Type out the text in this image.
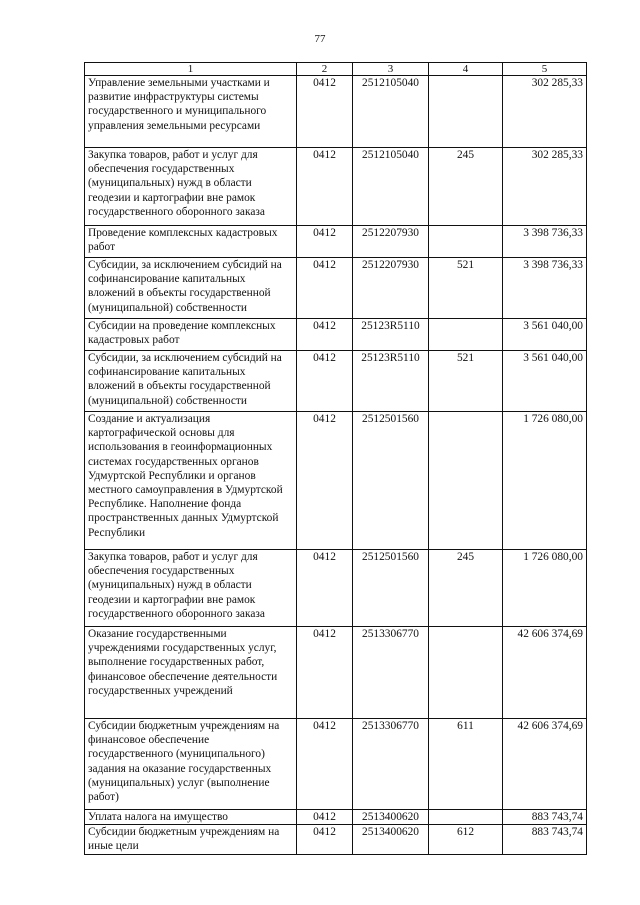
77
1	2	3	4	5
Управление земельными участками и развитие инфраструктуры системы государственного и муниципального управления земельными ресурсами	0412	2512105040		302 285,33
Закупка товаров, работ и услуг для обеспечения государственных (муниципальных) нужд в области геодезии и картографии вне рамок государственного оборонного заказа	0412	2512105040	245	302 285,33
Проведение комплексных кадастровых работ	0412	2512207930		3 398 736,33
Субсидии, за исключением субсидий на софинансирование капитальных вложений в объекты государственной (муниципальной) собственности	0412	2512207930	521	3 398 736,33
Субсидии на проведение комплексных кадастровых работ	0412	25123R5110		3 561 040,00
Субсидии, за исключением субсидий на софинансирование капитальных вложений в объекты государственной (муниципальной) собственности	0412	25123R5110	521	3 561 040,00
Создание и актуализация картографической основы для использования в геоинформационных системах государственных органов Удмуртской Республики и органов местного самоуправления в Удмуртской Республике. Наполнение фонда пространственных данных Удмуртской Республики	0412	2512501560		1 726 080,00
Закупка товаров, работ и услуг для обеспечения государственных (муниципальных) нужд в области геодезии и картографии вне рамок государственного оборонного заказа	0412	2512501560	245	1 726 080,00
Оказание государственными учреждениями государственных услуг, выполнение государственных работ, финансовое обеспечение деятельности государственных учреждений	0412	2513306770		42 606 374,69
Субсидии бюджетным учреждениям на финансовое обеспечение государственного (муниципального) задания на оказание государственных (муниципальных) услуг (выполнение работ)	0412	2513306770	611	42 606 374,69
Уплата налога на имущество	0412	2513400620		883 743,74
Субсидии бюджетным учреждениям на иные цели	0412	2513400620	612	883 743,74
